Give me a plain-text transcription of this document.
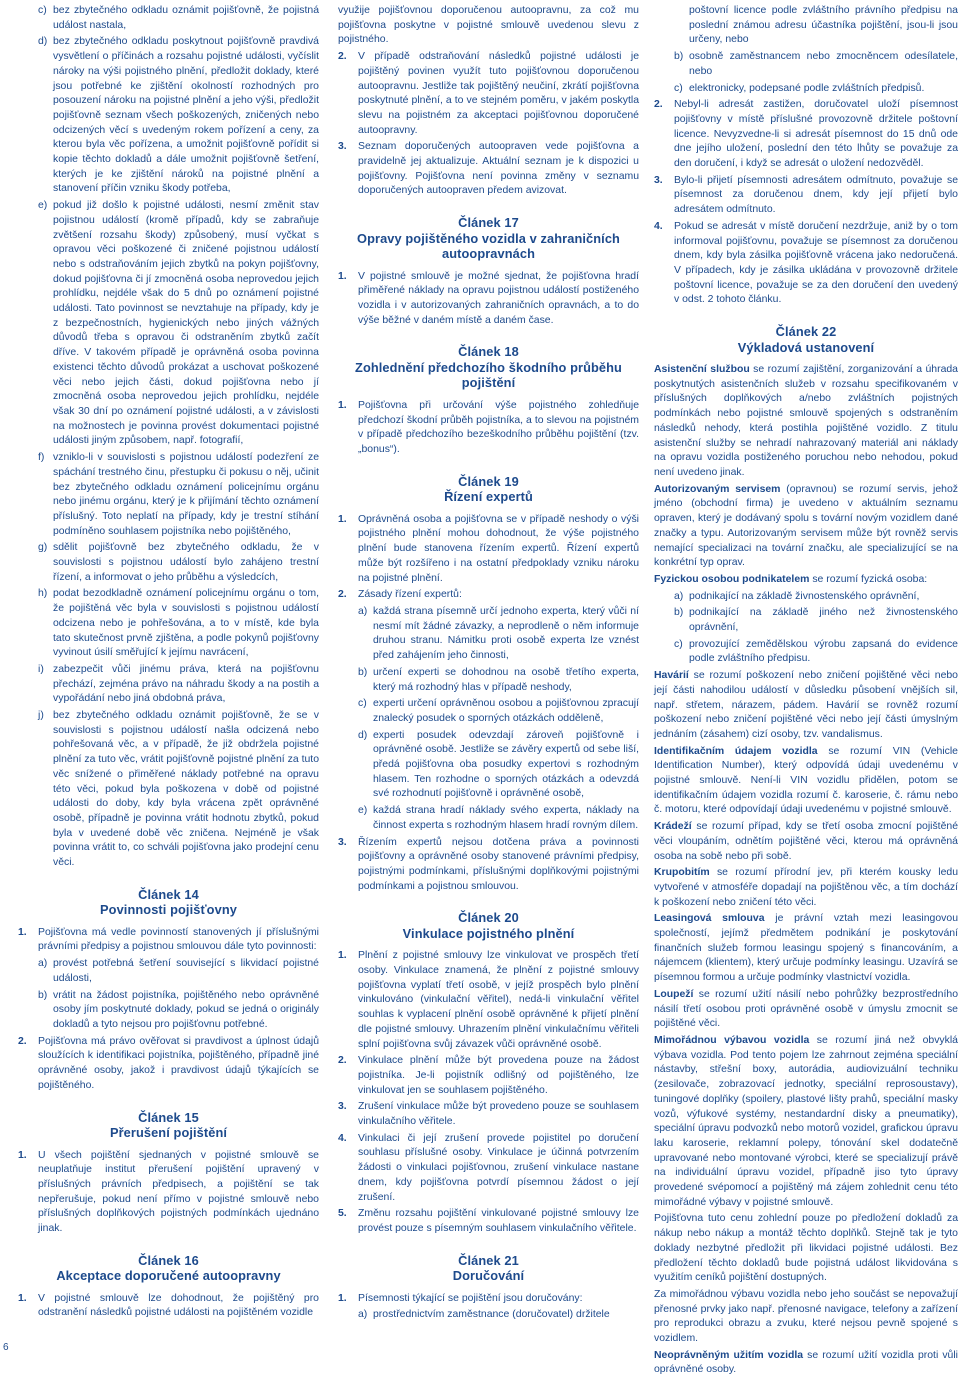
c) bez zbytečného odkladu oznámit pojišťovně, že pojistná událost nastala,
d) bez zbytečného odkladu poskytnout pojišťovně pravdivá vysvětlení o příčinách a rozsahu pojistné události, vyčíslit nároky na výši pojistného plnění, předložit doklady, které jsou potřebné ke zjištění okolností rozhodných pro posouzení nároku na pojistné plnění a jeho výši, předložit pojišťovně seznam všech poškozených, zničených nebo odcizených věcí s uvedeným rokem pořízení a ceny, za kterou byla věc pořízena, a umožnit pojišťovně pořídit si kopie těchto dokladů a dále umožnit pojišťovně šetření, kterých je ke zjištění nároků na pojistné plnění a stanovení příčin vzniku škody potřeba,
e) pokud již došlo k pojistné události, nesmí změnit stav pojistnou událostí (kromě případů, kdy se zabraňuje zvětšení rozsahu škody) způsobený, musí vyčkat s opravou věci poškozené či zničené pojistnou událostí nebo s odstraňováním jejich zbytků na pokyn pojišťovny, dokud pojišťovna či jí zmocněná osoba neprovedou jejich prohlídku, nejdéle však do 5 dnů po oznámení pojistné události. Tato povinnost se nevztahuje na případy, kdy je z bezpečnostních, hygienických nebo jiných vážných důvodů třeba s opravou či odstraněním zbytků začít dříve. V takovém případě je oprávněná osoba povinna existenci těchto důvodů prokázat a uschovat poškozené věci nebo jejich části, dokud pojišťovna nebo jí zmocněná osoba neprovedou jejich prohlídku, nejdéle však 30 dní po oznámení pojistné události, a v závislosti na možnostech je povinna provést dokumentaci pojistné události jiným způsobem, např. fotografií,
f) vzniklo-li v souvislosti s pojistnou událostí podezření ze spáchání trestného činu, přestupku či pokusu o něj, učinit bez zbytečného odkladu oznámení policejnímu orgánu nebo jinému orgánu, který je k přijímání těchto oznámení příslušný. Toto neplatí na případy, kdy je trestní stíhání podmíněno souhlasem pojistníka nebo pojištěného,
g) sdělit pojišťovně bez zbytečného odkladu, že v souvislosti s pojistnou událostí bylo zahájeno trestní řízení, a informovat o jeho průběhu a výsledcích,
h) podat bezodkladně oznámení policejnímu orgánu o tom, že pojištěná věc byla v souvislosti s pojistnou událostí odcizena nebo je pohřešována, a to v místě, kde byla tato skutečnost prvně zjištěna, a podle pokynů pojišťovny vyvinout úsilí směřující k jejímu navrácení,
i) zabezpečit vůči jinému práva, která na pojišťovnu přechází, zejména právo na náhradu škody a na postih a vypořádání nebo jiná obdobná práva,
j) bez zbytečného odkladu oznámit pojišťovně, že se v souvislosti s pojistnou událostí našla odcizená nebo pohřešovaná věc, a v případě, že již obdržela pojistné plnění za tuto věc, vrátit pojišťovně pojistné plnění za tuto věc snížené o přiměřené náklady potřebné na opravu této věci, pokud byla poškozena v době od pojistné události do doby, kdy byla vrácena zpět oprávněné osobě, případně je povinna vrátit hodnotu zbytků, pokud byla v uvedené době věc zničena. Nejméně je však povinna vrátit to, co schváli pojišťovna jako prodejní cenu věci.
Článek 14
Povinnosti pojišťovny
1. Pojišťovna má vedle povinností stanovených jí příslušnými právními předpisy a pojistnou smlouvou dále tyto povinnosti:
a) provést potřebná šetření související s likvidací pojistné události,
b) vrátit na žádost pojistníka, pojištěného nebo oprávněné osoby jím poskytnuté doklady, pokud se jedná o originály dokladů a tyto nejsou pro pojišťovnu potřebné.
2. Pojišťovna má právo ověřovat si pravdivost a úplnost údajů sloužících k identifikaci pojistníka, pojištěného, případně jiné oprávněné osoby, jakož i pravdivost údajů týkajících se pojištěného.
Článek 15
Přerušení pojištění
1. U všech pojištění sjednaných v pojistné smlouvě se neuplatňuje institut přerušení pojištění upravený v příslušných právních předpisech, a pojištění se tak nepřerušuje, pokud není přímo v pojistné smlouvě nebo příslušných doplňkových pojistných podmínkách ujednáno jinak.
Článek 16
Akceptace doporučené autoopravny
1. V pojistné smlouvě lze dohodnout, že pojištěný pro odstranění následků pojistné události na pojištěném vozidle

využije pojišťovnou doporučenou autoopravnu, za což mu pojišťovna poskytne v pojistné smlouvě uvedenou slevu z pojistného.

2. V případě odstraňování následků pojistné události je pojištěný povinen využít tuto pojišťovnou doporučenou autoopravnu. Jestliže tak pojištěný neučiní, zkrátí pojišťovna poskytnuté plnění, a to ve stejném poměru, v jakém poskytla slevu na pojistném za akceptaci pojišťovnou doporučené autoopravny.
3. Seznam doporučených autoopraven vede pojišťovna a pravidelně jej aktualizuje. Aktuální seznam je k dispozici u pojišťovny. Pojišťovna není povinna změny v seznamu doporučených autoopraven předem avizovat.
Článek 17
Opravy pojištěného vozidla v zahraničních autoopravnách
1. V pojistné smlouvě je možné sjednat, že pojišťovna hradí přiměřené náklady na opravu pojistnou událostí postiženého vozidla i v autorizovaných zahraničních opravnách, a to do výše běžné v daném místě a daném čase.
Článek 18
Zohlednění předchozího škodního průběhu pojištění
1. Pojišťovna při určování výše pojistného zohledňuje předchozí škodní průběh pojistníka, a to slevou na pojistném v případě předchozího bezeškodního průběhu pojištění (tzv. „bonus“).
Článek 19
Řízení expertů
1. Oprávněná osoba a pojišťovna se v případě neshody o výši pojistného plnění mohou dohodnout, že výše pojistného plnění bude stanovena řízením expertů. Řízení expertů může být rozšířeno i na ostatní předpoklady vzniku nároku na pojistné plnění.
2. Zásady řízení expertů:
a) každá strana písemně určí jednoho experta, který vůči ní nesmí mít žádné závazky, a neprodleně o něm informuje druhou stranu. Námitku proti osobě experta lze vznést před zahájením jeho činnosti,
b) určení experti se dohodnou na osobě třetího experta, který má rozhodný hlas v případě neshody,
c) experti určení oprávněnou osobou a pojišťovnou zpracují znalecký posudek o sporných otázkách odděleně,
d) experti posudek odevzdají zároveň pojišťovně i oprávněné osobě. Jestliže se závěry expertů od sebe liší, předá pojišťovna oba posudky expertovi s rozhodným hlasem. Ten rozhodne o sporných otázkách a odevzdá své rozhodnutí pojišťovně i oprávněné osobě,
e) každá strana hradí náklady svého experta, náklady na činnost experta s rozhodným hlasem hradí rovným dílem.
3. Řízením expertů nejsou dotčena práva a povinnosti pojišťovny a oprávněné osoby stanovené právními předpisy, pojistnými podmínkami, příslušnými doplňkovými pojistnými podmínkami a pojistnou smlouvou.
Článek 20
Vinkulace pojistného plnění
1. Plnění z pojistné smlouvy lze vinkulovat ve prospěch třetí osoby. Vinkulace znamená, že plnění z pojistné smlouvy pojišťovna vyplatí třetí osobě, v jejíž prospěch bylo plnění vinkulováno (vinkulační věřitel), nedá-li vinkulační věřitel souhlas k vyplacení plnění osobě oprávněné k přijetí plnění dle pojistné smlouvy. Uhrazením plnění vinkulačnímu věřiteli splní pojišťovna svůj závazek vůči oprávněné osobě.
2. Vinkulace plnění může být provedena pouze na žádost pojistníka. Je-li pojistník odlišný od pojištěného, lze vinkulovat jen se souhlasem pojištěného.
3. Zrušení vinkulace může být provedeno pouze se souhlasem vinkulačního věřitele.
4. Vinkulaci či její zrušení provede pojistitel po doručení souhlasu příslušné osoby. Vinkulace je účinná potvrzením žádosti o vinkulaci pojišťovnou, zrušení vinkulace nastane dnem, kdy pojišťovna potvrdí písemnou žádost o její zrušení.
5. Změnu rozsahu pojištění vinkulované pojistné smlouvy lze provést pouze s písemným souhlasem vinkulačního věřitele.
Článek 21
Doručování
1. Písemnosti týkající se pojištění jsou doručovány:
a) prostřednictvím zaměstnance (doručovatel) držitele
poštovní licence podle zvláštního právního předpisu na poslední známou adresu účastníka pojištění, jsou-li jsou určeny, nebo
b) osobně zaměstnancem nebo zmocněncem odesílatele, nebo
c) elektronicky, podepsané podle zvláštních předpisů.
2. Nebyl-li adresát zastižen, doručovatel uloží písemnost pojišťovny v místě příslušné provozovně držitele poštovní licence. Nevyzvedne-li si adresát písemnost do 15 dnů ode dne jejího uložení, poslední den této lhůty se považuje za den doručení, i když se adresát o uložení nedozvěděl.
3. Bylo-li přijetí písemnosti adresátem odmítnuto, považuje se písemnost za doručenou dnem, kdy její přijetí bylo adresátem odmítnuto.
4. Pokud se adresát v místě doručení nezdržuje, aniž by o tom informoval pojišťovnu, považuje se písemnost za doručenou dnem, kdy byla zásilka pojišťovně vrácena jako nedoručená. V případech, kdy je zásilka ukládána v provozovně držitele poštovní licence, považuje se za den doručení den uvedený v odst. 2 tohoto článku.
Článek 22
Výkladová ustanovení

Asistenční službou se rozumí zajištění, zorganizování a úhrada poskytnutých asistenčních služeb v rozsahu specifikovaném v příslušných doplňkových a/nebo zvláštních pojistných podmínkách nebo pojistné smlouvě spojených s odstraněním následků nehody, která postihla pojištěné vozidlo. Z titulu asistenční služby se nehradí nahrazovaný materiál ani náklady na opravu vozidla postiženého poruchou nebo nehodou, pokud není uvedeno jinak.

Autorizovaným servisem (opravnou) se rozumí servis, jehož jméno (obchodní firma) je uvedeno v aktuálním seznamu opraven, který je dodávaný spolu s tovární novým vozidlem dané značky a typu. Autorizovaným servisem může být rovněž servis nemající specializaci na tovární značku, ale specializující se na konkrétní typ oprav.

Fyzickou osobou podnikatelem se rozumí fyzická osoba:

a) podnikající na základě živnostenského oprávnění,
b) podnikající na základě jiného než živnostenského oprávnění,
c) provozující zemědělskou výrobu zapsaná do evidence podle zvláštního předpisu.

Havárií se rozumí poškození nebo zničení pojištěné věci nebo její části nahodilou událostí v důsledku působení vnějších sil, např. střetem, nárazem, pádem. Havárií se rovněž rozumí poškození nebo zničení pojištěné věci nebo její části úmyslným jednáním (zásahem) cizí osoby, tzv. vandalismus.

Identifikačním údajem vozidla se rozumí VIN (Vehicle Identification Number), který odpovídá údaji uvedenému v pojistné smlouvě. Není-li VIN vozidlu přidělen, potom se identifikačním údajem vozidla rozumí č. karoserie, č. rámu nebo č. motoru, které odpovídají údaji uvedenému v pojistné smlouvě.

Krádeží se rozumí případ, kdy se třetí osoba zmocní pojištěné věci vloupáním, odnětím pojištěné věci, kterou má oprávněná osoba na sobě nebo při sobě.

Krupobitím se rozumí přírodní jev, při kterém kousky ledu vytvořené v atmosféře dopadají na pojištěnou věc, a tím dochází k poškození nebo zničení této věci.

Leasingová smlouva je právní vztah mezi leasingovou společností, jejímž předmětem podnikání je poskytování finančních služeb formou leasingu spojený s financováním, a nájemcem (klientem), který určuje podmínky leasingu. Uzavírá se písemnou formou a určuje podmínky vlastnictví vozidla.

Loupeží se rozumí užití násilí nebo pohrůžky bezprostředního násilí třetí osobou proti oprávněné osobě v úmyslu zmocnit se pojištěné věci.

Mimořádnou výbavou vozidla se rozumí jiná než obvyklá výbava vozidla. Pod tento pojem lze zahrnout zejména speciální nástavby, střešní boxy, autorádia, audiovizuální techniku (zesilovače, zobrazovací jednotky, speciální reprosoustavy), tuningové doplňky (spoilery, plastové lišty prahů, speciální masky vozů, výfukové systémy, nestandardní disky a pneumatiky), speciální úpravu podvozků nebo motorů vozidel, grafickou úpravu laku karoserie, reklamní polepy, tónování skel dodatečně upravované nebo montované výrobci, které se specializují právě na individuální úpravu vozidel, případně jiso tyto úpravy provedené svépomocí a pojištěný má zájem zohlednit cenu této mimořádné výbavy v pojistné smlouvě.

Pojišťovna tuto cenu zohlední pouze po předložení dokladů za nákup nebo nákup a montáž těchto doplňků. Stejně tak je tyto doklady nezbytné předložit při likvidaci pojistné události. Bez předložení těchto dokladů bude pojistná událost likvidována s využitím ceníků pojištění dostupných.

Za mimořádnou výbavu vozidla nebo jeho součást se nepovažují přenosné prvky jako např. přenosné navigace, telefony a zařízení pro reprodukci obrazu a zvuku, které nejsou pevně spojené s vozidlem.

Neoprávněným užitím vozidla se rozumí užití vozidla proti vůli oprávněné osoby.

6
